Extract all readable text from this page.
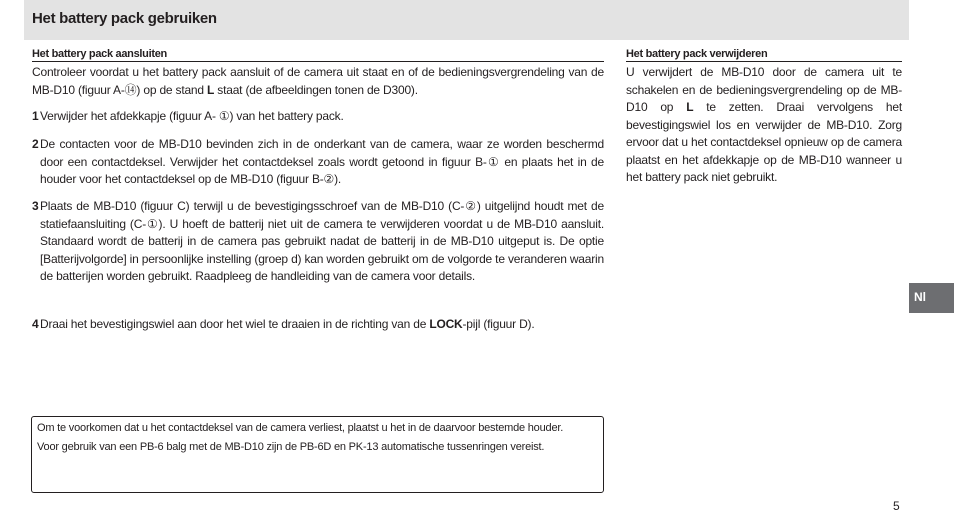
Het battery pack gebruiken
Het battery pack aansluiten

Controleer voordat u het battery pack aansluit of de camera uit staat en of de bedieningsvergrendeling van de MB-D10 (figuur A-⑭) op de stand L staat (de afbeeldingen tonen de D300).

1 Verwijder het afdekkapje (figuur A- ①) van het battery pack.
2 De contacten voor de MB-D10 bevinden zich in de onderkant van de camera, waar ze worden beschermd door een contactdeksel. Verwijder het contactdeksel zoals wordt getoond in figuur B-① en plaats het in de houder voor het contactdeksel op de MB-D10 (figuur B-②).
3 Plaats de MB-D10 (figuur C) terwijl u de bevestigingsschroef van de MB-D10 (C-②) uitgelijnd houdt met de statiefaansluiting (C-①). U hoeft de batterij niet uit de camera te verwijderen voordat u de MB-D10 aansluit. Standaard wordt de batterij in de camera pas gebruikt nadat de batterij in de MB-D10 uitgeput is. De optie [Batterijvolgorde] in persoonlijke instelling (groep d) kan worden gebruikt om de volgorde te veranderen waarin de batterijen worden gebruikt. Raadpleeg de handleiding van de camera voor details.
4 Draai het bevestigingswiel aan door het wiel te draaien in de richting van de LOCK-pijl (figuur D).
Het battery pack verwijderen

U verwijdert de MB-D10 door de camera uit te schakelen en de bedieningsvergrendeling op de MB-D10 op L te zetten. Draai vervolgens het bevestigingswiel los en verwijder de MB-D10. Zorg ervoor dat u het contactdeksel opnieuw op de camera plaatst en het afdekkapje op de MB-D10 wanneer u het battery pack niet gebruikt.

Om te voorkomen dat u het contactdeksel van de camera verliest, plaatst u het in de daarvoor bestemde houder.

Voor gebruik van een PB-6 balg met de MB-D10 zijn de PB-6D en PK-13 automatische tussenringen vereist.

Nl
5
